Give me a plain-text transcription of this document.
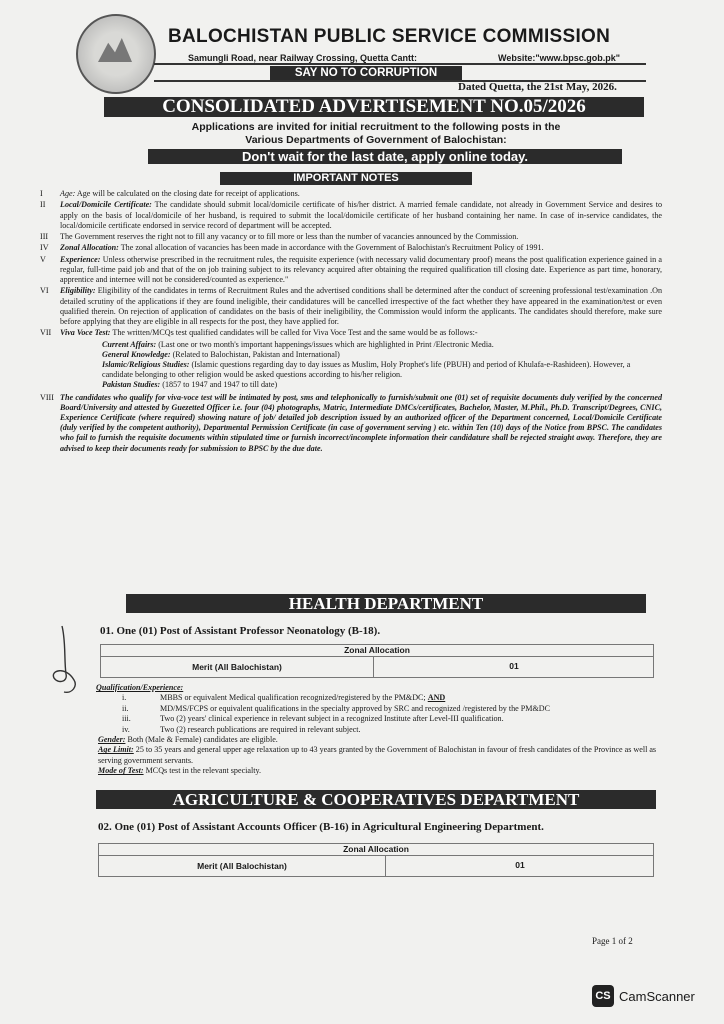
BALOCHISTAN PUBLIC SERVICE COMMISSION
Samungli Road, near Railway Crossing, Quetta Cantt:	Website:"www.bpsc.gob.pk"
SAY NO TO CORRUPTION
Dated Quetta, the 21st May, 2026.
CONSOLIDATED ADVERTISEMENT NO.05/2026
Applications are invited for initial recruitment to the following posts in the
Various Departments of Government of Balochistan:
Don't wait for the last date, apply online today.
IMPORTANT NOTES
I	Age: Age will be calculated on the closing date for receipt of applications.
II	Local/Domicile Certificate: The candidate should submit local/domicile certificate of his/her district. A married female candidate, not already in Government Service and desires to apply on the basis of local/domicile of her husband, is required to submit the local/domicile certificate of her husband containing her name. In case of in-service candidates, the local/domicile certificate endorsed in service record of department will be accepted.
III	The Government reserves the right not to fill any vacancy or to fill more or less than the number of vacancies announced by the Commission.
IV	Zonal Allocation: The zonal allocation of vacancies has been made in accordance with the Government of Balochistan's Recruitment Policy of 1991.
V	Experience: Unless otherwise prescribed in the recruitment rules, the requisite experience (with necessary valid documentary proof) means the post qualification experience gained in a regular, full-time paid job and that of the on job training subject to its relevancy acquired after obtaining the required qualification till closing date. Experience as part time, honorary, apprentice and internee will not be considered/counted as experience."
VI	Eligibility: Eligibility of the candidates in terms of Recruitment Rules and the advertised conditions shall be determined after the conduct of screening professional test/examination .On detailed scrutiny of the applications if they are found ineligible, their candidatures will be cancelled irrespective of the fact whether they have appeared in the examination/test or even qualified therein. On rejection of application of candidates on the basis of their ineligibility, the Commission would inform the applicants. The candidates should therefore, make sure before applying that they are eligible in all respects for the post, they have applied for.
VII	Viva Voce Test: The written/MCQs test qualified candidates will be called for Viva Voce Test and the same would be as follows:-
Current Affairs: (Last one or two month's important happenings/issues which are highlighted in Print /Electronic Media.
General Knowledge: (Related to Balochistan, Pakistan and International)
Islamic/Religious Studies: (Islamic questions regarding day to day issues as Muslim, Holy Prophet's life (PBUH) and period of Khulafa-e-Rashideen). However, a candidate belonging to other religion would be asked questions according to his/her religion.
Pakistan Studies: (1857 to 1947 and 1947 to till date)
VIII The candidates who qualify for viva-voce test will be intimated by post, sms and telephonically to furnish/submit one (01) set of requisite documents duly verified by the concerned Board/University and attested by Guezetted Officer i.e. four (04) photographs, Matric, Intermediate DMCs/certificates, Bachelor, Master, M.Phil., Ph.D. Transcript/Degrees, CNIC, Experience Certificate (where required) showing nature of job/ detailed job description issued by an authorized officer of the Department concerned, Local/Domicile Certificate (duly verified by the competent authority), Departmental Permission Certificate (in case of government serving ) etc. within Ten (10) days of the Notice from BPSC. The candidates who fail to furnish the requisite documents within stipulated time or furnish incorrect/incomplete information their candidature shall be rejected straight away. Therefore, they are advised to keep their documents ready for submission to BPSC by the due date.
HEALTH DEPARTMENT
01. One (01) Post of Assistant Professor Neonatology (B-18).
Zonal Allocation
Merit (All Balochistan)	01
Qualification/Experience:
i.	MBBS or equivalent Medical qualification recognized/registered by the PM&DC; AND
ii.	MD/MS/FCPS or equivalent qualifications in the specialty approved by SRC and recognized /registered by the PM&DC
iii.	Two (2) years' clinical experience in relevant subject in a recognized Institute after Level-III qualification.
iv.	Two (2) research publications are required in relevant subject.
Gender: Both (Male & Female) candidates are eligible.
Age Limit: 25 to 35 years and general upper age relaxation up to 43 years granted by the Government of Balochistan in favour of fresh candidates of the Province as well as serving government servants.
Mode of Test: MCQs test in the relevant specialty.
AGRICULTURE & COOPERATIVES DEPARTMENT
02. One (01) Post of Assistant Accounts Officer (B-16) in Agricultural Engineering Department.
Zonal Allocation
Merit (All Balochistan)	01
Page 1 of 2
CS CamScanner
